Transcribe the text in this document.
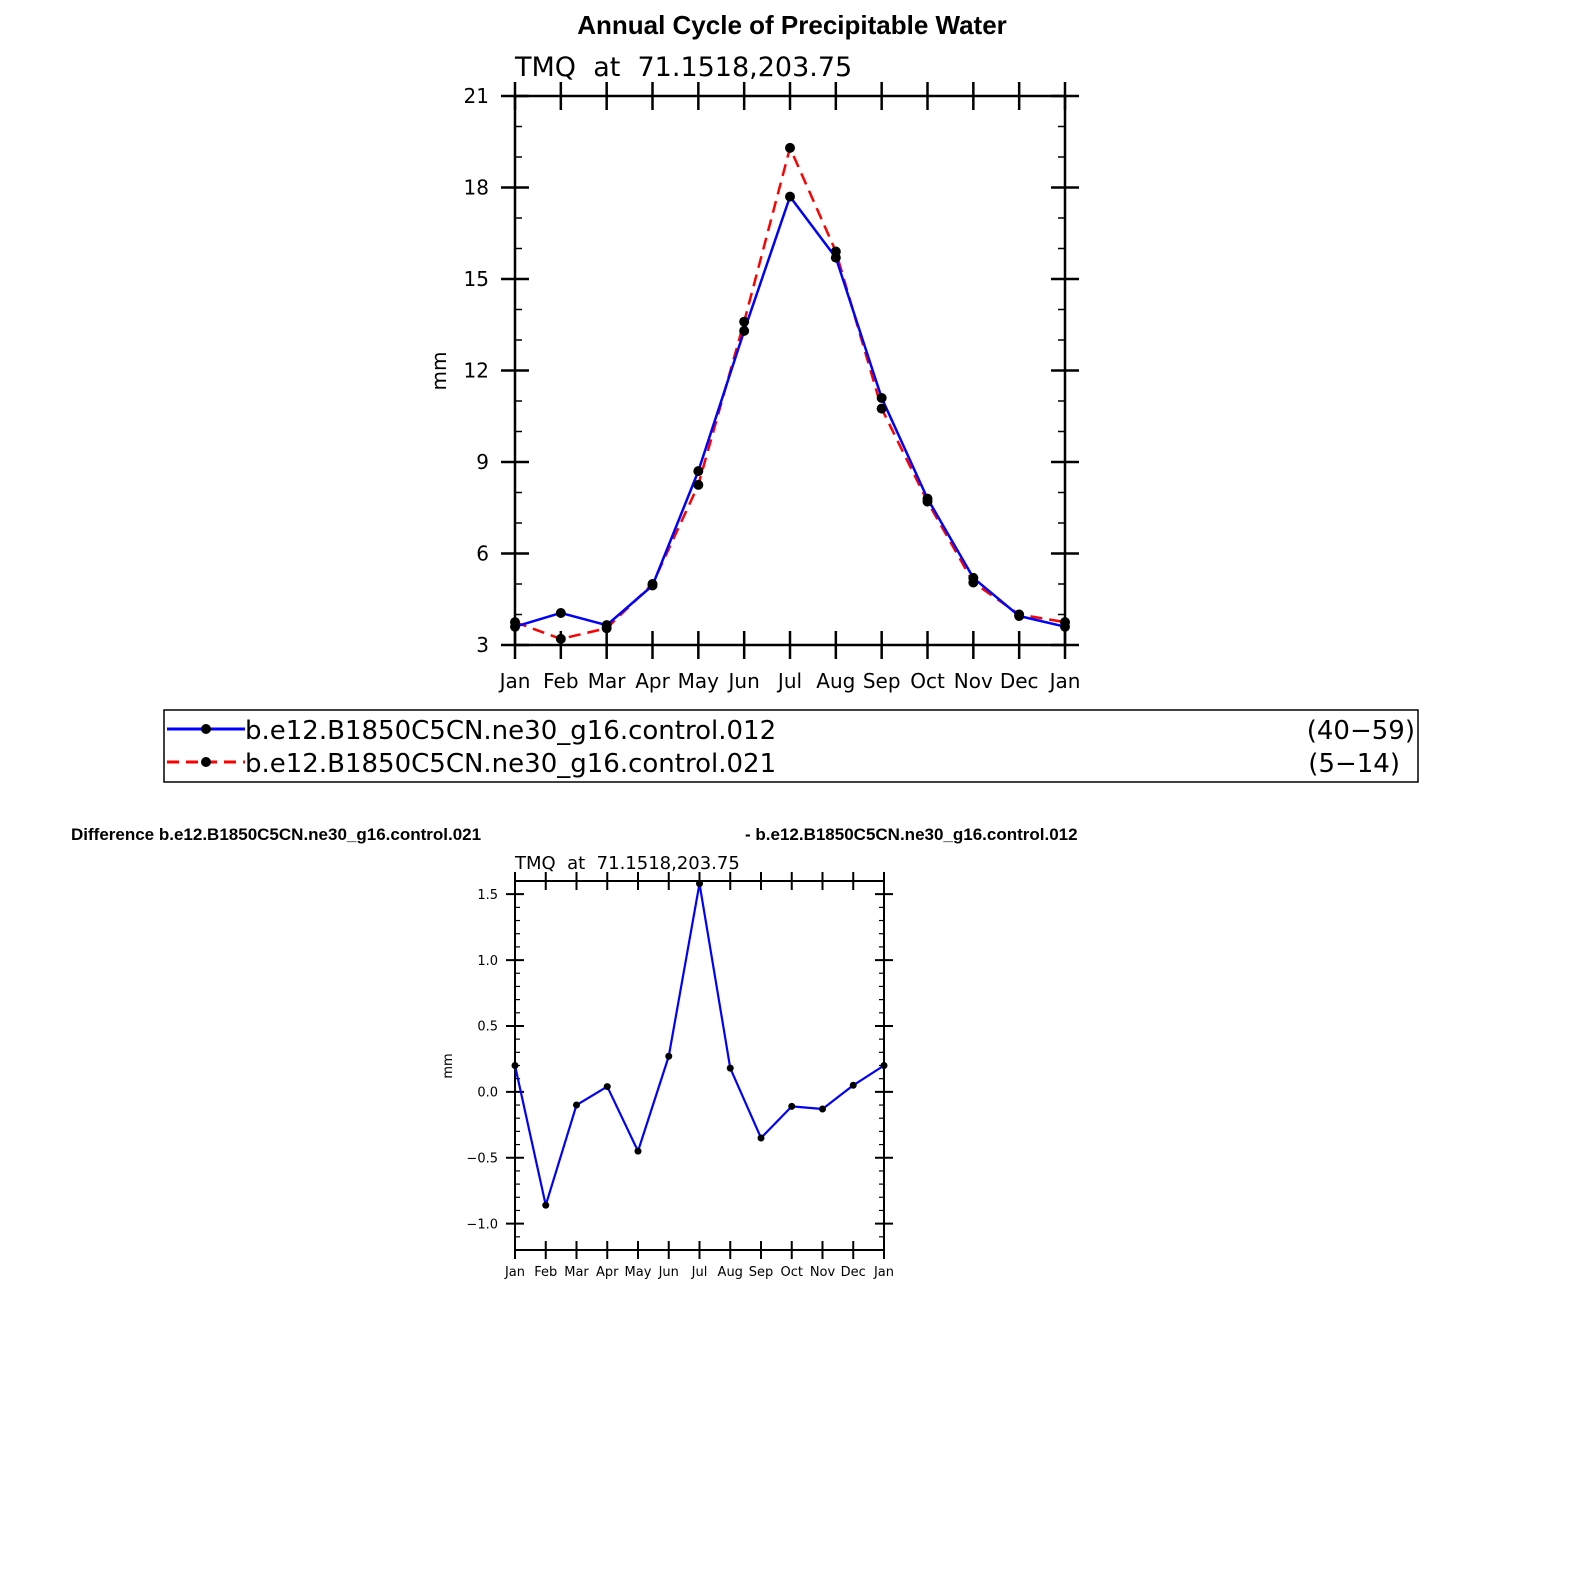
Annual Cycle of Precipitable Water
TMQ  at  71.1518,203.75
mm
Jan Feb Mar Apr May Jun Jul Aug Sep Oct Nov Dec Jan
3
6
9
12
15
18
21
b.e12.B1850C5CN.ne30_g16.control.012	(40−59)
b.e12.B1850C5CN.ne30_g16.control.021	(5−14)
Difference b.e12.B1850C5CN.ne30_g16.control.021	- b.e12.B1850C5CN.ne30_g16.control.012
TMQ  at  71.1518,203.75
mm
Jan Feb Mar Apr May Jun Jul Aug Sep Oct Nov Dec Jan
−1.0
−0.5
0.0
0.5
1.0
1.5
